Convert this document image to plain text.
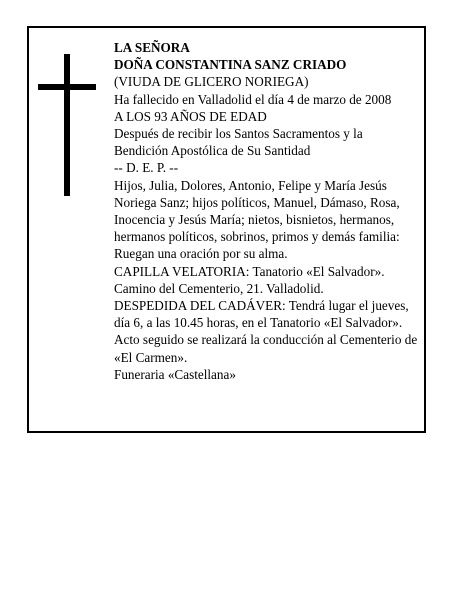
LA SEÑORA

DOÑA CONSTANTINA SANZ CRIADO

(VIUDA DE GLICERO NORIEGA)

Ha fallecido en Valladolid el día 4 de marzo de 2008

A LOS 93 AÑOS DE EDAD

Después de recibir los Santos Sacramentos y la Bendición Apostólica de Su Santidad

-- D. E. P. --

Hijos, Julia, Dolores, Antonio, Felipe y María Jesús Noriega Sanz; hijos políticos, Manuel, Dámaso, Rosa, Inocencia y Jesús María; nietos, bisnietos, hermanos, hermanos políticos, sobrinos, primos y demás familia:

Ruegan una oración por su alma.

CAPILLA VELATORIA: Tanatorio «El Salvador». Camino del Cementerio, 21. Valladolid.

DESPEDIDA DEL CADÁVER: Tendrá lugar el jueves, día 6, a las 10.45 horas, en el Tanatorio «El Salvador». Acto seguido se realizará la conducción al Cementerio de «El Carmen».

Funeraria «Castellana»
